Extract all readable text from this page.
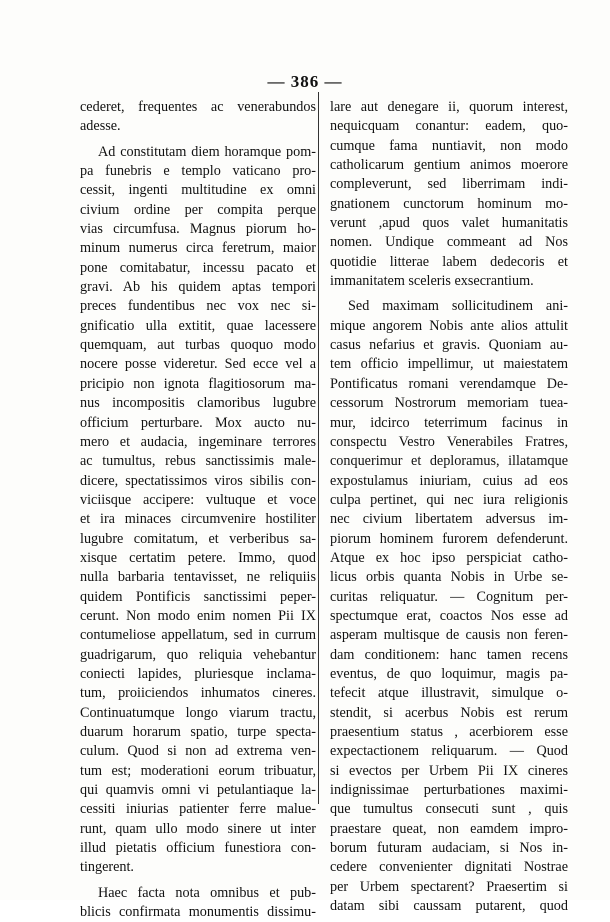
— 386 —
cederet, frequentes ac venerabundos
adesse.
Ad constitutam diem horamque pom-
pa funebris e templo vaticano pro-
cessit, ingenti multitudine ex omni
civium ordine per compita perque
vias circumfusa. Magnus piorum ho-
minum numerus circa feretrum, maior
pone comitabatur, incessu pacato et
gravi. Ab his quidem aptas tempori
preces fundentibus nec vox nec si-
gnificatio ulla extitit, quae lacessere
quemquam, aut turbas quoquo modo
nocere posse videretur. Sed ecce vel a
pricipio non ignota flagitiosorum ma-
nus incompositis clamoribus lugubre
officium perturbare. Mox aucto nu-
mero et audacia, ingeminare terrores
ac tumultus, rebus sanctissimis male-
dicere, spectatissimos viros sibilis con-
viciisque accipere: vultuque et voce
et ira minaces circumvenire hostiliter
lugubre comitatum, et verberibus sa-
xisque certatim petere. Immo, quod
nulla barbaria tentavisset, ne reliquiis
quidem Pontificis sanctissimi peper-
cerunt. Non modo enim nomen Pii IX
contumeliose appellatum, sed in currum
guadrigarum, quo reliquia vehebantur
coniecti lapides, pluriesque inclama-
tum, proiiciendos inhumatos cineres.
Continuatumque longo viarum tractu,
duarum horarum spatio, turpe specta-
culum. Quod si non ad extrema ven-
tum est; moderationi eorum tribuatur,
qui quamvis omni vi petulantiaque la-
cessiti iniurias patienter ferre malue-
runt, quam ullo modo sinere ut inter
illud pietatis officium funestiora con-
tingerent.
Haec facta nota omnibus et pub-
blicis confirmata monumentis dissimu-
lare aut denegare ii, quorum interest,
nequicquam conantur: eadem, quo-
cumque fama nuntiavit, non modo
catholicarum gentium animos moerore
compleverunt, sed liberrimam indi-
gnationem cunctorum hominum mo-
verunt ,apud quos valet humanitatis
nomen. Undique commeant ad Nos
quotidie litterae labem dedecoris et
immanitatem sceleris exsecrantium.
Sed maximam sollicitudinem ani-
mique angorem Nobis ante alios attulit
casus nefarius et gravis. Quoniam au-
tem officio impellimur, ut maiestatem
Pontificatus romani verendamque De-
cessorum Nostrorum memoriam tuea-
mur, idcirco teterrimum facinus in
conspectu Vestro Venerabiles Fratres,
conquerimur et deploramus, illatamque
expostulamus iniuriam, cuius ad eos
culpa pertinet, qui nec iura religionis
nec civium libertatem adversus im-
piorum hominem furorem defenderunt.
Atque ex hoc ipso perspiciat catho-
licus orbis quanta Nobis in Urbe se-
curitas reliquatur. — Cognitum per-
spectumque erat, coactos Nos esse ad
asperam multisque de causis non feren-
dam conditionem: hanc tamen recens
eventus, de quo loquimur, magis pa-
tefecit atque illustravit, simulque o-
stendit, si acerbus Nobis est rerum
praesentium status , acerbiorem esse
expectactionem reliquarum. — Quod
si evectos per Urbem Pii IX cineres
indignissimae perturbationes maximi-
que tumultus consecuti sunt , quis
praestare queat, non eamdem impro-
borum futuram audaciam, si Nos in-
cedere convenienter dignitati Nostrae
per Urbem spectarent? Praesertim si
datam sibi caussam putarent, quod
